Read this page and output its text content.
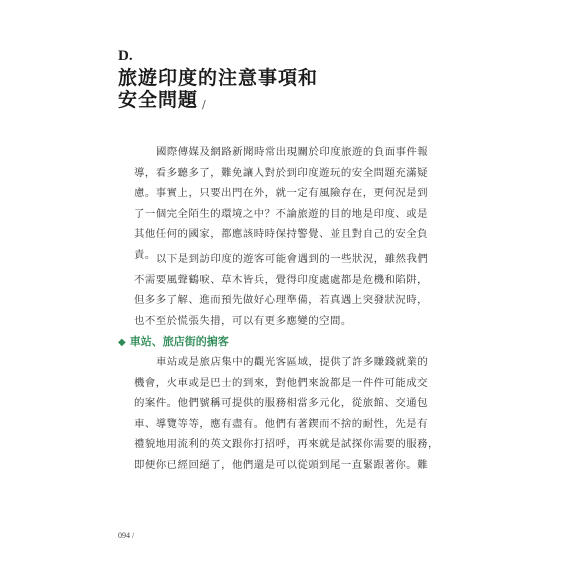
D.
旅遊印度的注意事項和
安全問題 /
國際傳媒及網路新聞時常出現關於印度旅遊的負面事件報
導，看多聽多了，難免讓人對於到印度遊玩的安全問題充滿疑
慮。事實上，只要出門在外，就一定有風險存在，更何況是到
了一個完全陌生的環境之中？不論旅遊的目的地是印度、或是
其他任何的國家，都應該時時保持警覺、並且對自己的安全負
責。 以下是到訪印度的遊客可能會遇到的一些狀況，雖然我們
不需要風聲鶴唳、草木皆兵，覺得印度處處都是危機和陷阱，
但多多了解、進而預先做好心理準備，若真遇上突發狀況時，
也不至於慌張失措，可以有更多應變的空間。
◆ 車站、旅店街的掮客
車站或是旅店集中的觀光客區域，提供了許多賺錢就業的
機會，火車或是巴士的到來，對他們來說都是一件件可能成交
的案件。他們號稱可提供的服務相當多元化，從旅館、交通包
車、導覽等等，應有盡有。他們有著鍥而不捨的耐性，先是有
禮貌地用流利的英文跟你打招呼，再來就是試探你需要的服務，
即便你已經回絕了，他們還是可以從頭到尾一直緊跟著你。難
094 /
